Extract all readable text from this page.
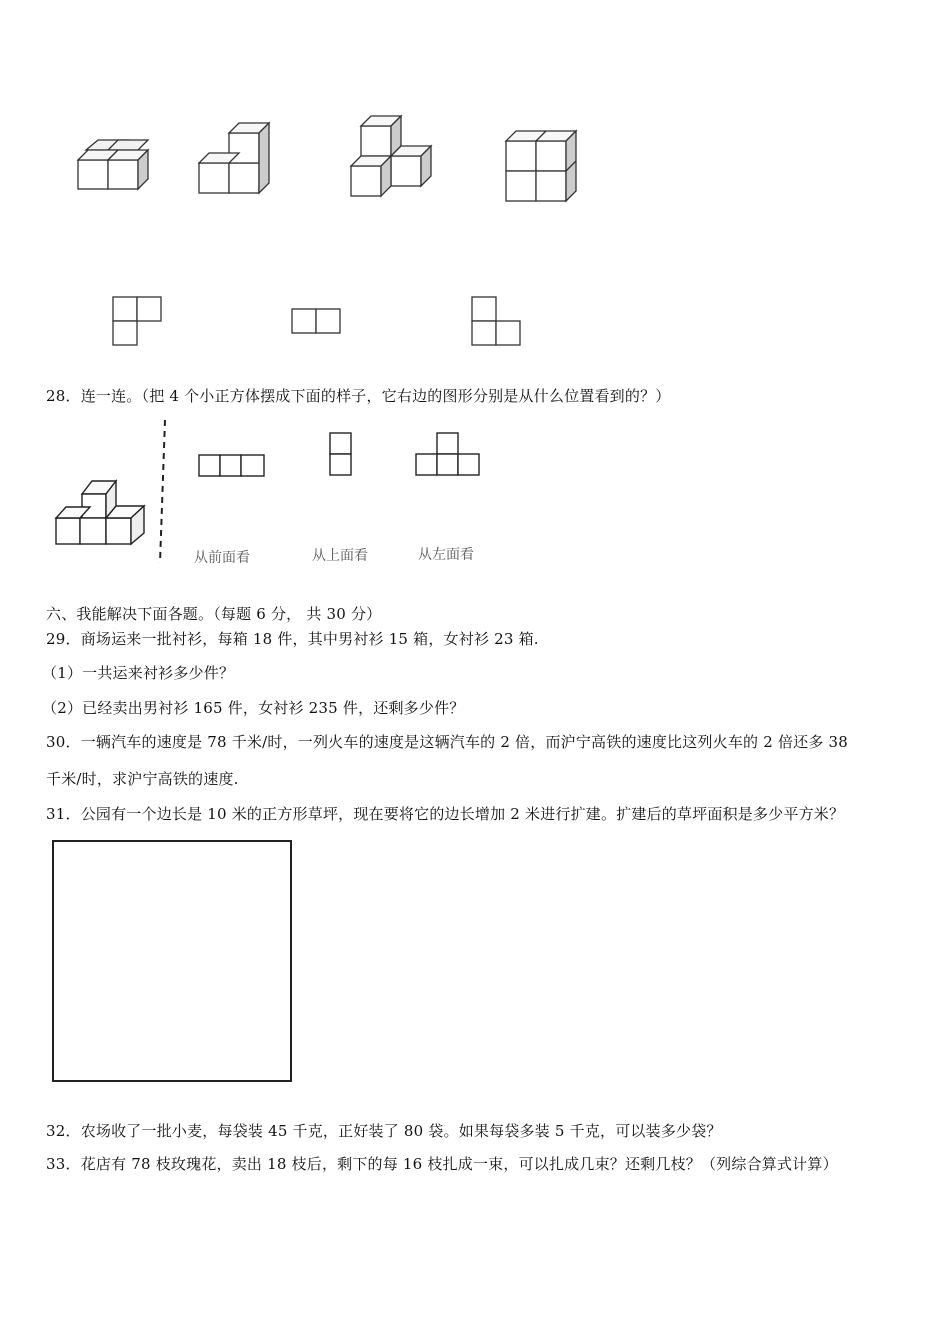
28．连一连。（把 4 个小正方体摆成下面的样子，它右边的图形分别是从什么位置看到的？）
从前面看	从上面看	从左面看
六、我能解决下面各题。（每题 6 分， 共 30 分）
29．商场运来一批衬衫，每箱 18 件，其中男衬衫 15 箱，女衬衫 23 箱.
（1）一共运来衬衫多少件？
（2）已经卖出男衬衫 165 件，女衬衫 235 件，还剩多少件？
30．一辆汽车的速度是 78 千米/时，一列火车的速度是这辆汽车的 2 倍，而沪宁高铁的速度比这列火车的 2 倍还多 38
千米/时，求沪宁高铁的速度.
31．公园有一个边长是 10 米的正方形草坪，现在要将它的边长增加 2 米进行扩建。扩建后的草坪面积是多少平方米？
32．农场收了一批小麦，每袋装 45 千克，正好装了 80 袋。如果每袋多装 5 千克，可以装多少袋？
33．花店有 78 枝玫瑰花，卖出 18 枝后，剩下的每 16 枝扎成一束，可以扎成几束？还剩几枝？（列综合算式计算）
